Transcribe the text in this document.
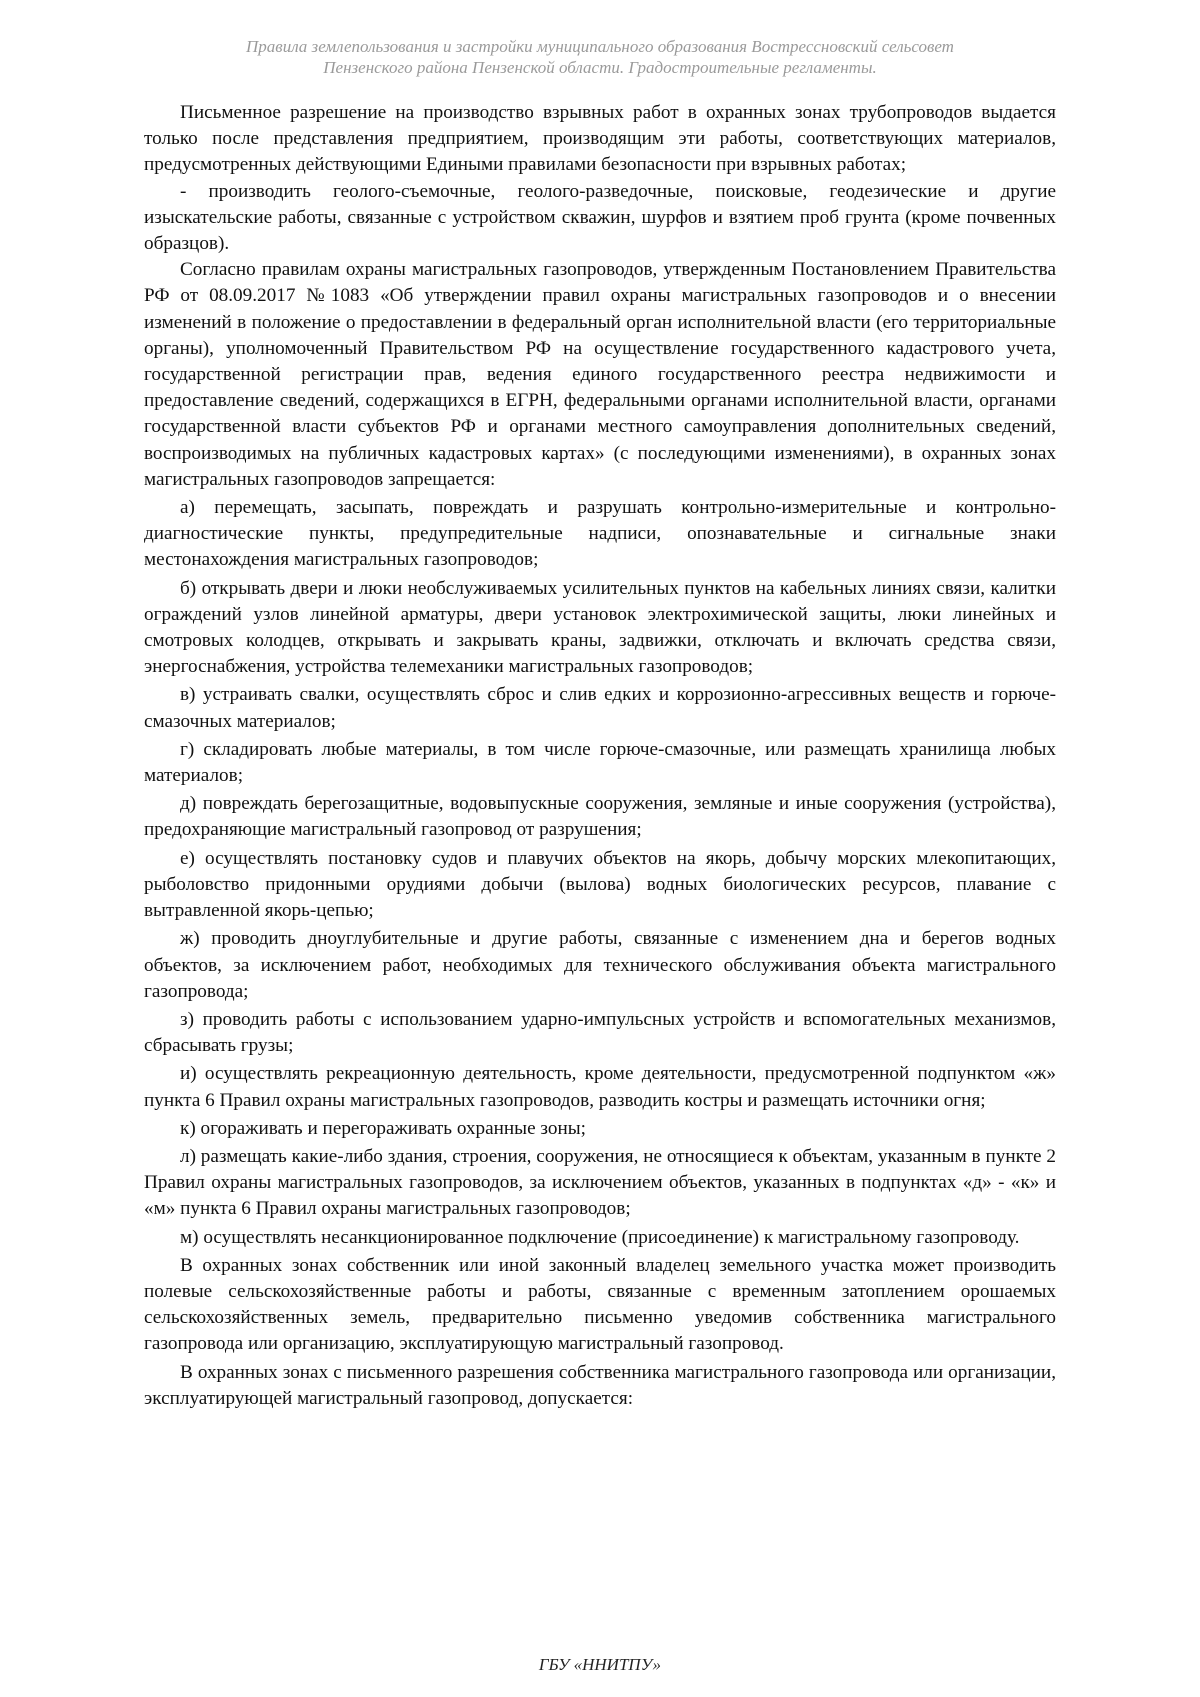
Правила землепользования и застройки муниципального образования Вострессновский сельсовет
Пензенского района Пензенской области. Градостроительные регламенты.

Письменное разрешение на производство взрывных работ в охранных зонах трубопроводов выдается только после представления предприятием, производящим эти работы, соответствующих материалов, предусмотренных действующими Едиными правилами безопасности при взрывных работах;

- производить геолого-съемочные, геолого-разведочные, поисковые, геодезические и другие изыскательские работы, связанные с устройством скважин, шурфов и взятием проб грунта (кроме почвенных образцов).

Согласно правилам охраны магистральных газопроводов, утвержденным Постановлением Правительства РФ от 08.09.2017 №1083 «Об утверждении правил охраны магистральных газопроводов и о внесении изменений в положение о предоставлении в федеральный орган исполнительной власти (его территориальные органы), уполномоченный Правительством РФ на осуществление государственного кадастрового учета, государственной регистрации прав, ведения единого государственного реестра недвижимости и предоставление сведений, содержащихся в ЕГРН, федеральными органами исполнительной власти, органами государственной власти субъектов РФ и органами местного самоуправления дополнительных сведений, воспроизводимых на публичных кадастровых картах» (с последующими изменениями), в охранных зонах магистральных газопроводов запрещается:

а) перемещать, засыпать, повреждать и разрушать контрольно-измерительные и контрольно-диагностические пункты, предупредительные надписи, опознавательные и сигнальные знаки местонахождения магистральных газопроводов;

б) открывать двери и люки необслуживаемых усилительных пунктов на кабельных линиях связи, калитки ограждений узлов линейной арматуры, двери установок электрохимической защиты, люки линейных и смотровых колодцев, открывать и закрывать краны, задвижки, отключать и включать средства связи, энергоснабжения, устройства телемеханики магистральных газопроводов;

в) устраивать свалки, осуществлять сброс и слив едких и коррозионно-агрессивных веществ и горюче-смазочных материалов;

г) складировать любые материалы, в том числе горюче-смазочные, или размещать хранилища любых материалов;

д) повреждать берегозащитные, водовыпускные сооружения, земляные и иные сооружения (устройства), предохраняющие магистральный газопровод от разрушения;

е) осуществлять постановку судов и плавучих объектов на якорь, добычу морских млекопитающих, рыболовство придонными орудиями добычи (вылова) водных биологических ресурсов, плавание с вытравленной якорь-цепью;

ж) проводить дноуглубительные и другие работы, связанные с изменением дна и берегов водных объектов, за исключением работ, необходимых для технического обслуживания объекта магистрального газопровода;

з) проводить работы с использованием ударно-импульсных устройств и вспомогательных механизмов, сбрасывать грузы;

и) осуществлять рекреационную деятельность, кроме деятельности, предусмотренной подпунктом «ж» пункта 6 Правил охраны магистральных газопроводов, разводить костры и размещать источники огня;

к) огораживать и перегораживать охранные зоны;

л) размещать какие-либо здания, строения, сооружения, не относящиеся к объектам, указанным в пункте 2 Правил охраны магистральных газопроводов, за исключением объектов, указанных в подпунктах «д» - «к» и «м» пункта 6 Правил охраны магистральных газопроводов;

м) осуществлять несанкционированное подключение (присоединение) к магистральному газопроводу.

В охранных зонах собственник или иной законный владелец земельного участка может производить полевые сельскохозяйственные работы и работы, связанные с временным затоплением орошаемых сельскохозяйственных земель, предварительно письменно уведомив собственника магистрального газопровода или организацию, эксплуатирующую магистральный газопровод.

В охранных зонах с письменного разрешения собственника магистрального газопровода или организации, эксплуатирующей магистральный газопровод, допускается:

ГБУ «ННИТПУ»
